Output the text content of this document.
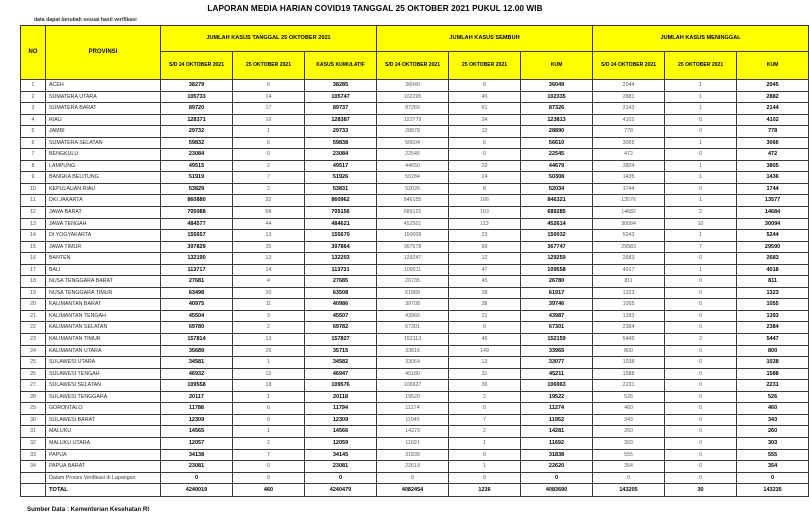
LAPORAN MEDIA HARIAN COVID19 TANGGAL 25 OKTOBER 2021 PUKUL 12.00 WIB
data dapat berubah sesuai hasil verifikasi
NO	PROVINSI	JUMLAH KASUS TANGGAL 25 OKTOBER 2021			JUMLAH KASUS SEMBUH			JUMLAH KASUS MENINGGAL		
		S/D 24 OKTOBER 2021	25 OKTOBER 2021	KASUS KUMULATIF	S/D 24 OKTOBER 2021	25 OKTOBER 2021	KUM	S/D 24 OKTOBER 2021	25 OKTOBER 2021	KUM
1	ACEH	38279	6	38285	36040	9	36049	2044	1	2045
2	SUMATERA UTARA	105733	14	105747	102295	40	102335	2881	1	2882
3	SUMATERA BARAT	89720	17	89737	87265	61	87326	2143	1	2144
4	RIAU	128371	16	128387	123779	34	123813	4102	0	4102
5	JAMBI	29732	1	29733	28878	12	28890	778	0	778
6	SUMATERA SELATAN	59832	6	59838	56604	6	56610	3065	1	3066
7	BENGKULU	23084	0	23084	22545	0	22545	472	0	472
8	LAMPUNG	49515	2	49517	44650	29	44679	3804	1	3805
9	BANGKA BELITUNG	51919	7	51926	50284	24	50308	1435	1	1436
10	KEPULAUAN RIAU	53829	2	53831	52026	8	52034	1744	0	1744
11	DKI JAKARTA	860880	82	860962	846155	166	846321	13576	1	13577
12	JAWA BARAT	705088	68	705156	689122	163	689285	14682	2	14684
13	JAWA TENGAH	484577	44	484621	452501	113	452614	30084	10	30094
14	DI YOGYAKARTA	155657	13	155670	150009	23	150032	5243	1	5244
15	JAWA TIMUR	397829	35	397864	367678	69	367747	29583	7	29590
16	BANTEN	132190	13	132203	129247	12	129259	2683	0	2683
17	BALI	113717	14	113731	109511	47	109558	4017	1	4018
18	NUSA TENGGARA BARAT	27681	4	27685	26735	45	26780	811	0	811
19	NUSA TENGGARA TIMUR	63498	10	63508	61889	28	61917	1323	0	1323
20	KALIMANTAN BARAT	40975	11	40986	39708	38	39746	1055	0	1055
21	KALIMANTAN TENGAH	45504	3	45507	43966	21	43987	1393	0	1393
22	KALIMANTAN SELATAN	69780	2	69782	67301	0	67301	2384	0	2384
23	KALIMANTAN TIMUR	157814	13	157827	152113	46	152159	5445	2	5447
24	KALIMANTAN UTARA	35689	26	35715	33816	149	33965	800	0	800
25	SULAWESI UTARA	34581	1	34582	33064	13	33077	1038	0	1038
26	SULAWESI TENGAH	46932	15	46947	45180	31	45211	1588	0	1588
27	SULAWESI SELATAN	109558	18	109576	106927	36	106963	2231	0	2231
28	SULAWESI TENGGARA	20117	1	20118	19520	2	19522	526	0	526
29	GORONTALO	11788	6	11794	11274	0	11274	460	0	460
30	SULAWESI BARAT	12309	0	12309	11945	7	11952	343	0	343
31	MALUKU	14565	1	14566	14279	2	14281	260	0	260
32	MALUKU UTARA	12057	2	12059	11691	1	11692	303	0	303
33	PAPUA	34138	7	34145	31838	0	31838	555	0	555
34	PAPUA BARAT	23081	0	23081	22619	1	22620	354	0	354
	Dalam Proses Verifikasi di Lapangan	0	0	0	0	0	0	0	0	0
	TOTAL	4240019	460	4240479	4082454	1236	4083690	143205	30	143235
Sumber Data : Kementerian Kesehatan RI
